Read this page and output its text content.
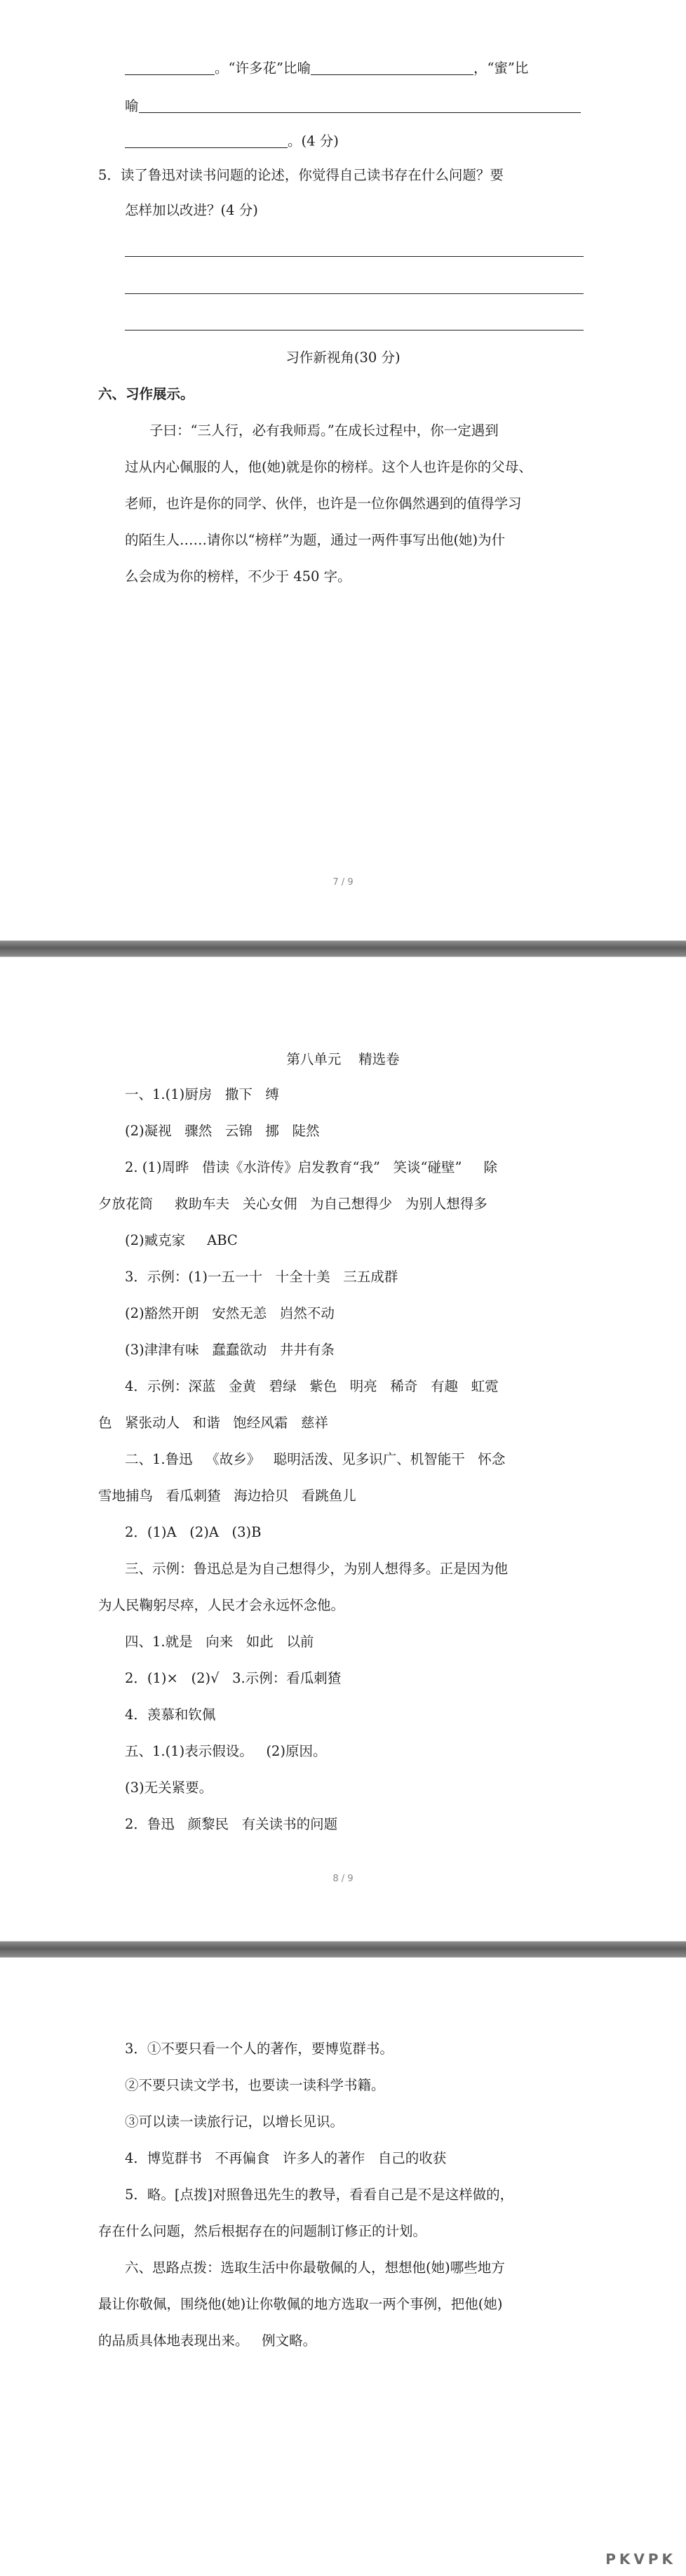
。“许多花”比喻	，“蜜”比
喻
。(4 分)
5．读了鲁迅对读书问题的论述，你觉得自己读书存在什么问题？要
怎样加以改进？(4 分)
习作新视角(30 分)
六、习作展示。
子曰：“三人行，必有我师焉。”在成长过程中，你一定遇到
过从内心佩服的人，他(她)就是你的榜样。这个人也许是你的父母、
老师，也许是你的同学、伙伴，也许是一位你偶然遇到的值得学习
的陌生人……请你以“榜样”为题，通过一两件事写出他(她)为什
么会成为你的榜样，不少于 450 字。
7 / 9
第八单元    精选卷
一、1.(1)厨房   撒下   缚
(2)凝视   骤然   云锦   挪   陡然
2. (1)周晔   借读《水浒传》启发教育“我”   笑谈“碰壁”     除
夕放花筒     救助车夫   关心女佣   为自己想得少   为别人想得多
(2)臧克家     ABC
3．示例：(1)一五一十   十全十美   三五成群
(2)豁然开朗   安然无恙   岿然不动
(3)津津有味   蠢蠢欲动   井井有条
4．示例：深蓝   金黄   碧绿   紫色   明亮   稀奇   有趣   虹霓
色   紧张动人   和谐   饱经风霜   慈祥
二、1.鲁迅   《故乡》   聪明活泼、见多识广、机智能干   怀念
雪地捕鸟   看瓜刺猹   海边拾贝   看跳鱼儿
2．(1)A   (2)A   (3)B
三、示例：鲁迅总是为自己想得少，为别人想得多。正是因为他
为人民鞠躬尽瘁，人民才会永远怀念他。
四、1.就是   向来   如此   以前
2．(1)×   (2)√   3.示例：看瓜刺猹
4．羡慕和钦佩
五、1.(1)表示假设。   (2)原因。
(3)无关紧要。
2．鲁迅   颜黎民   有关读书的问题
8 / 9
3．①不要只看一个人的著作，要博览群书。
②不要只读文学书，也要读一读科学书籍。
③可以读一读旅行记，以增长见识。
4．博览群书   不再偏食   许多人的著作   自己的收获
5．略。[点拨]对照鲁迅先生的教导，看看自己是不是这样做的，
存在什么问题，然后根据存在的问题制订修正的计划。
六、思路点拨：选取生活中你最敬佩的人，想想他(她)哪些地方
最让你敬佩，围绕他(她)让你敬佩的地方选取一两个事例，把他(她)
的品质具体地表现出来。   例文略。
PKVPK
